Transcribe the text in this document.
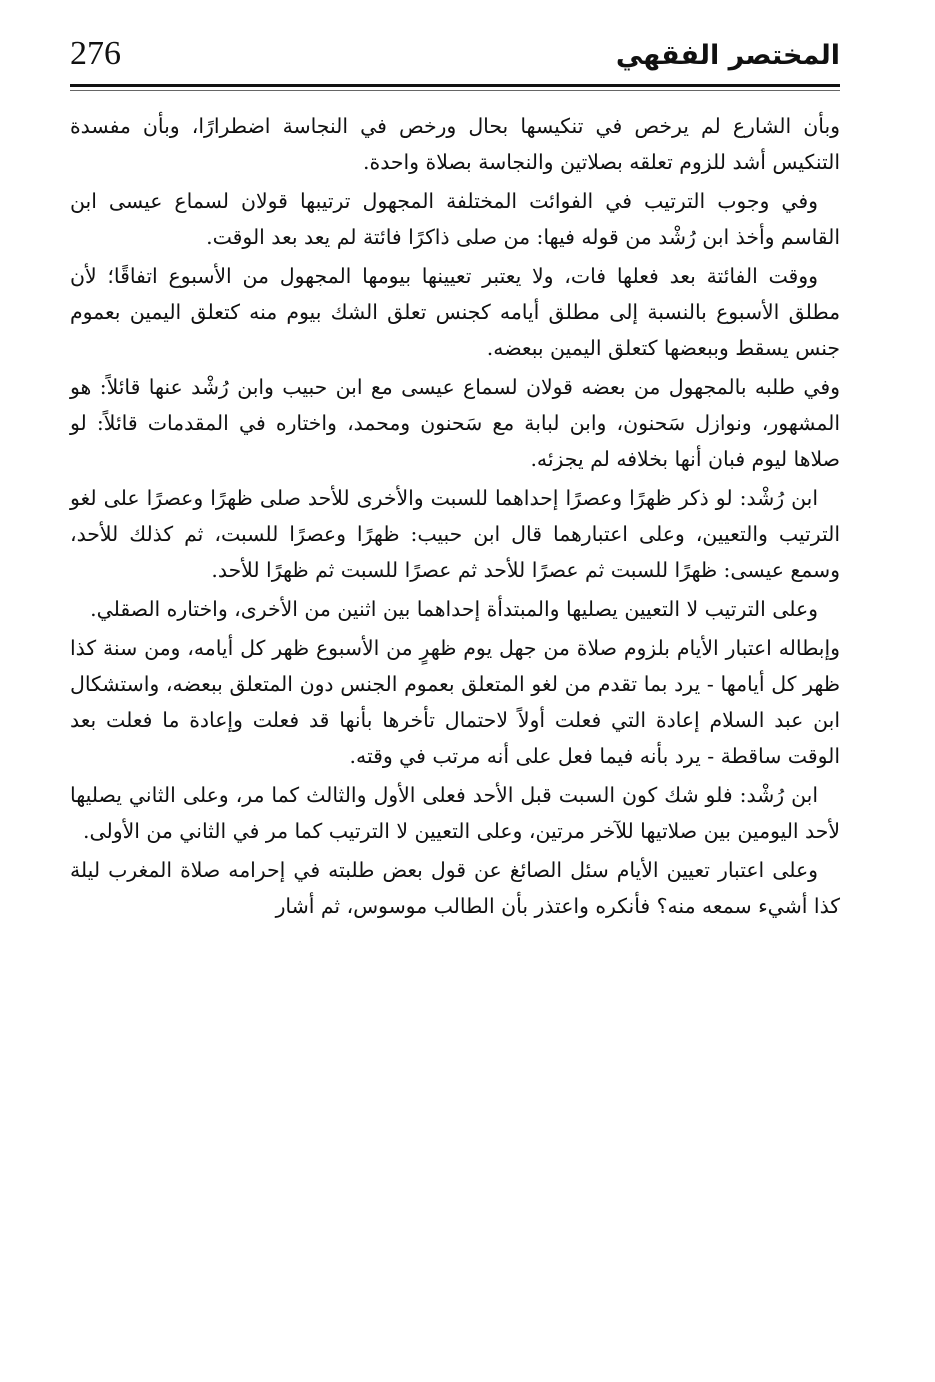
276	المختصر الفقهي

وبأن الشارع لم يرخص في تنكيسها بحال ورخص في النجاسة اضطرارًا، وبأن مفسدة التنكيس أشد للزوم تعلقه بصلاتين والنجاسة بصلاة واحدة.

وفي وجوب الترتيب في الفوائت المختلفة المجهول ترتيبها قولان لسماع عيسى ابن القاسم وأخذ ابن رُشْد من قوله فيها: من صلى ذاكرًا فائتة لم يعد بعد الوقت.

ووقت الفائتة بعد فعلها فات، ولا يعتبر تعيينها بيومها المجهول من الأسبوع اتفاقًا؛ لأن مطلق الأسبوع بالنسبة إلى مطلق أيامه كجنس تعلق الشك بيوم منه كتعلق اليمين بعموم جنس يسقط وببعضها كتعلق اليمين ببعضه.

وفي طلبه بالمجهول من بعضه قولان لسماع عيسى مع ابن حبيب وابن رُشْد عنها قائلاً: هو المشهور، ونوازل سَحنون، وابن لبابة مع سَحنون ومحمد، واختاره في المقدمات قائلاً: لو صلاها ليوم فبان أنها بخلافه لم يجزئه.

ابن رُشْد: لو ذكر ظهرًا وعصرًا إحداهما للسبت والأخرى للأحد صلى ظهرًا وعصرًا على لغو الترتيب والتعيين، وعلى اعتبارهما قال ابن حبيب: ظهرًا وعصرًا للسبت، ثم كذلك للأحد، وسمع عيسى: ظهرًا للسبت ثم عصرًا للأحد ثم عصرًا للسبت ثم ظهرًا للأحد.

وعلى الترتيب لا التعيين يصليها والمبتدأة إحداهما بين اثنين من الأخرى، واختاره الصقلي.

وإبطاله اعتبار الأيام بلزوم صلاة من جهل يوم ظهرٍ من الأسبوع ظهر كل أيامه، ومن سنة كذا ظهر كل أيامها - يرد بما تقدم من لغو المتعلق بعموم الجنس دون المتعلق ببعضه، واستشكال ابن عبد السلام إعادة التي فعلت أولاً لاحتمال تأخرها بأنها قد فعلت وإعادة ما فعلت بعد الوقت ساقطة - يرد بأنه فيما فعل على أنه مرتب في وقته.

ابن رُشْد: فلو شك كون السبت قبل الأحد فعلى الأول والثالث كما مر، وعلى الثاني يصليها لأحد اليومين بين صلاتيها للآخر مرتين، وعلى التعيين لا الترتيب كما مر في الثاني من الأولى.

وعلى اعتبار تعيين الأيام سئل الصائغ عن قول بعض طلبته في إحرامه صلاة المغرب ليلة كذا أشيء سمعه منه؟ فأنكره واعتذر بأن الطالب موسوس، ثم أشار
